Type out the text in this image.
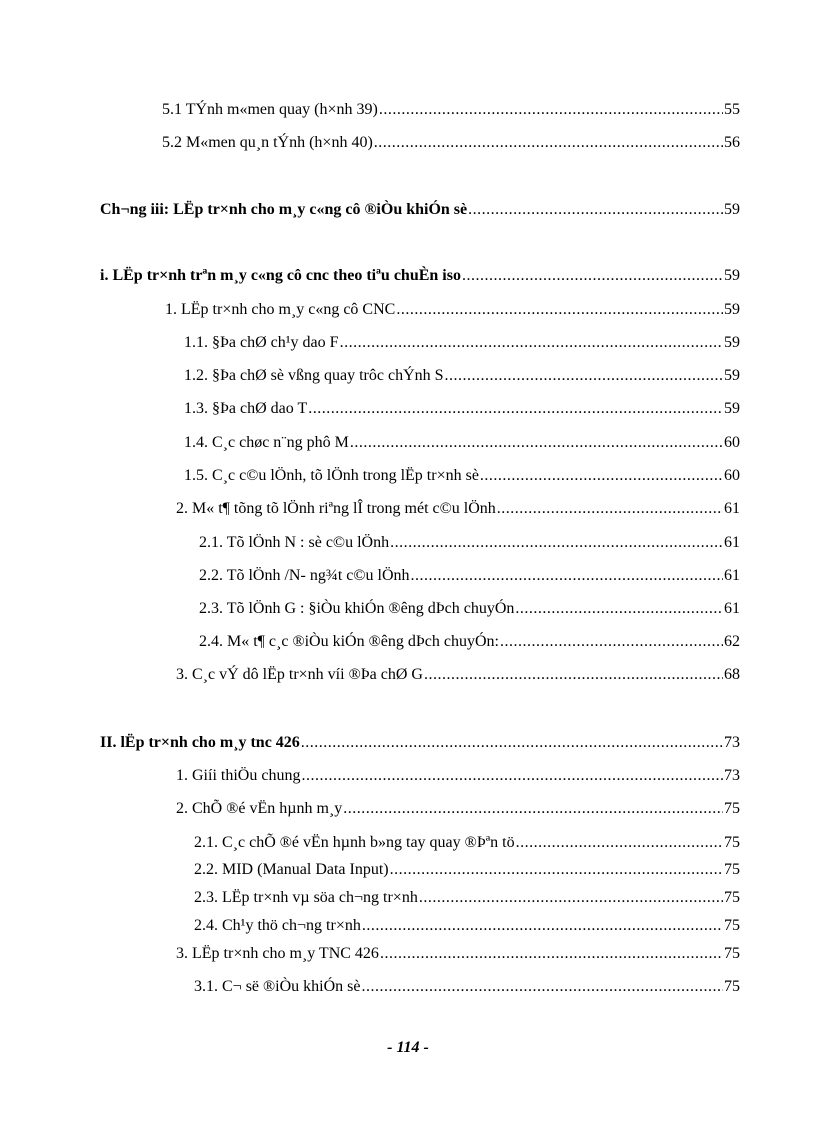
5.1 TÝnh m«men quay (h×nh 39) .....	55
5.2 M«men qu¸n tÝnh (h×nh 40) .....	56
Ch¬ng iii: LËp tr×nh cho m¸y c«ng cô ®iÒu khiÓn sè .....	59
i. LËp tr×nh trªn m¸y c«ng cô cnc theo tiªu chuÈn iso .....	59
1. LËp tr×nh cho m¸y c«ng cô CNC .....	59
1.1. §Þa chØ ch¹y dao F .....	59
1.2. §Þa chØ sè vßng quay trôc chÝnh S .....	59
1.3. §Þa chØ dao T .....	59
1.4. C¸c chøc n¨ng phô M .....	60
1.5. C¸c c©u lÖnh, tõ lÖnh trong lËp tr×nh sè .....	60
2. M« t¶ tõng tõ lÖnh riªng lÎ trong mét c©u lÖnh .....	61
2.1. Tõ lÖnh N : sè c©u lÖnh .....	61
2.2. Tõ lÖnh /N- ng¾t c©u lÖnh .....	61
2.3. Tõ lÖnh G : §iÒu khiÓn ®êng dÞch chuyÓn .....	61
2.4. M« t¶ c¸c ®iÒu kiÓn ®êng dÞch chuyÓn: .....	62
3. C¸c vÝ dô lËp tr×nh víi ®Þa chØ G .....	68
II. lËp tr×nh cho m¸y tnc 426 .....	73
1. Giíi thiÖu chung .....	73
2. ChÕ ®é vËn hµnh m¸y .....	75
2.1. C¸c chÕ ®é vËn hµnh b»ng tay quay ®Þªn tö .....	75
2.2. MID (Manual Data Input) .....	75
2.3. LËp tr×nh vµ söa ch¬ng tr×nh .....	75
2.4. Ch¹y thö ch¬ng tr×nh .....	75
3. LËp tr×nh cho m¸y TNC 426 .....	75
3.1. C¬ së ®iÒu khiÓn sè .....	75
- 114 -
